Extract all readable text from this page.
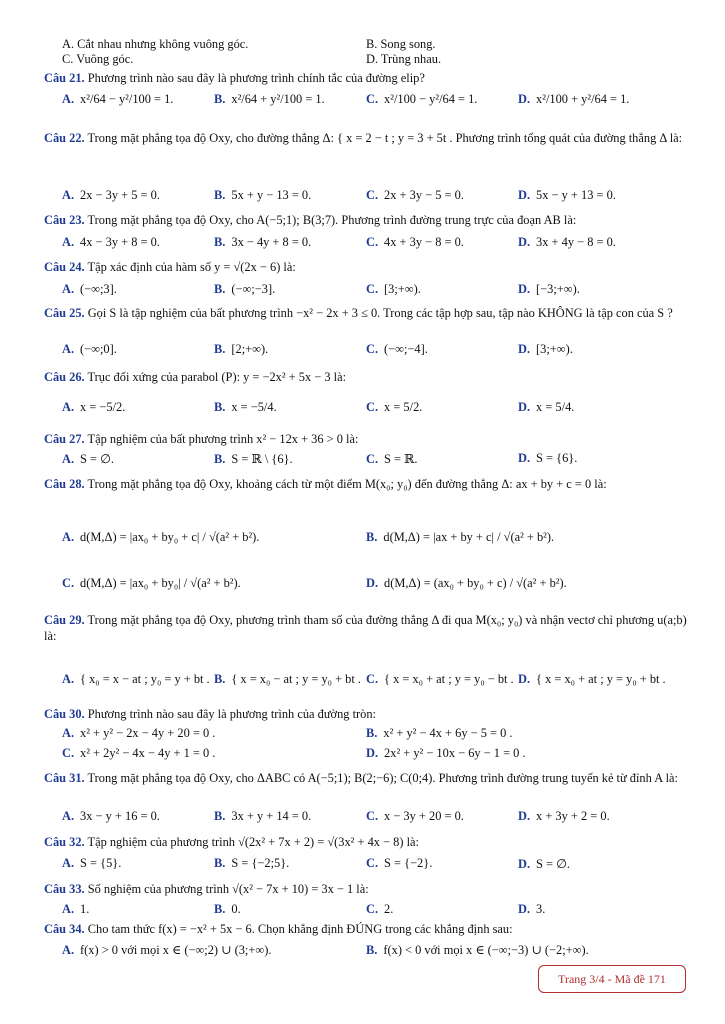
A. Cắt nhau nhưng không vuông góc.	B. Song song.
C. Vuông góc.	D. Trùng nhau.
Câu 21. Phương trình nào sau đây là phương trình chính tắc của đường elip?
A. x²/64 − y²/100 = 1.	B. x²/64 + y²/100 = 1.	C. x²/100 − y²/64 = 1.	D. x²/100 + y²/64 = 1.
Câu 22. Trong mặt phẳng tọa độ Oxy, cho đường thẳng Δ: { x = 2 − t ; y = 3 + 5t . Phương trình tổng quát của đường thẳng Δ là:
A. 2x − 3y + 5 = 0.	B. 5x + y − 13 = 0.	C. 2x + 3y − 5 = 0.	D. 5x − y + 13 = 0.
Câu 23. Trong mặt phẳng tọa độ Oxy, cho A(−5;1); B(3;7). Phương trình đường trung trực của đoạn AB là:
A. 4x − 3y + 8 = 0.	B. 3x − 4y + 8 = 0.	C. 4x + 3y − 8 = 0.	D. 3x + 4y − 8 = 0.
Câu 24. Tập xác định của hàm số y = √(2x − 6) là:
A. (−∞;3].	B. (−∞;−3].	C. [3;+∞).	D. [−3;+∞).
Câu 25. Gọi S là tập nghiệm của bất phương trình −x² − 2x + 3 ≤ 0. Trong các tập hợp sau, tập nào KHÔNG là tập con của S ?
A. (−∞;0].	B. [2;+∞).	C. (−∞;−4].	D. [3;+∞).
Câu 26. Trục đối xứng của parabol (P): y = −2x² + 5x − 3 là:
A. x = −5/2.	B. x = −5/4.	C. x = 5/2.	D. x = 5/4.
Câu 27. Tập nghiệm của bất phương trình x² − 12x + 36 > 0 là:
A. S = ∅.	B. S = ℝ \ {6}.	C. S = ℝ.	D. S = {6}.
Câu 28. Trong mặt phẳng tọa độ Oxy, khoảng cách từ một điểm M(x₀; y₀) đến đường thẳng Δ: ax + by + c = 0 là:
A. d(M,Δ) = |ax₀ + by₀ + c| / √(a² + b²).	B. d(M,Δ) = |ax + by + c| / √(a² + b²).
C. d(M,Δ) = |ax₀ + by₀| / √(a² + b²).	D. d(M,Δ) = (ax₀ + by₀ + c) / √(a² + b²).
Câu 29. Trong mặt phẳng tọa độ Oxy, phương trình tham số của đường thẳng Δ đi qua M(x₀; y₀) và nhận vectơ chỉ phương u(a;b) là:
A. { x₀ = x − at ; y₀ = y + bt . B. { x = x₀ − at ; y = y₀ + bt . C. { x = x₀ + at ; y = y₀ − bt . D. { x = x₀ + at ; y = y₀ + bt .
Câu 30. Phương trình nào sau đây là phương trình của đường tròn:
A. x² + y² − 2x − 4y + 20 = 0 .	B. x² + y² − 4x + 6y − 5 = 0 .
C. x² + 2y² − 4x − 4y + 1 = 0 .	D. 2x² + y² − 10x − 6y − 1 = 0 .
Câu 31. Trong mặt phẳng tọa độ Oxy, cho ΔABC có A(−5;1); B(2;−6); C(0;4). Phương trình đường trung tuyến kẻ từ đỉnh A là:
A. 3x − y + 16 = 0.	B. 3x + y + 14 = 0.	C. x − 3y + 20 = 0.	D. x + 3y + 2 = 0.
Câu 32. Tập nghiệm của phương trình √(2x² + 7x + 2) = √(3x² + 4x − 8) là:
A. S = {5}.	B. S = {−2;5}.	C. S = {−2}.	D. S = ∅.
Câu 33. Số nghiệm của phương trình √(x² − 7x + 10) = 3x − 1 là:
A. 1.	B. 0.	C. 2.	D. 3.
Câu 34. Cho tam thức f(x) = −x² + 5x − 6. Chọn khẳng định ĐÚNG trong các khẳng định sau:
A. f(x) > 0 với mọi x ∈ (−∞;2) ∪ (3;+∞).	B. f(x) < 0 với mọi x ∈ (−∞;−3) ∪ (−2;+∞).
Trang 3/4 - Mã đề 171
